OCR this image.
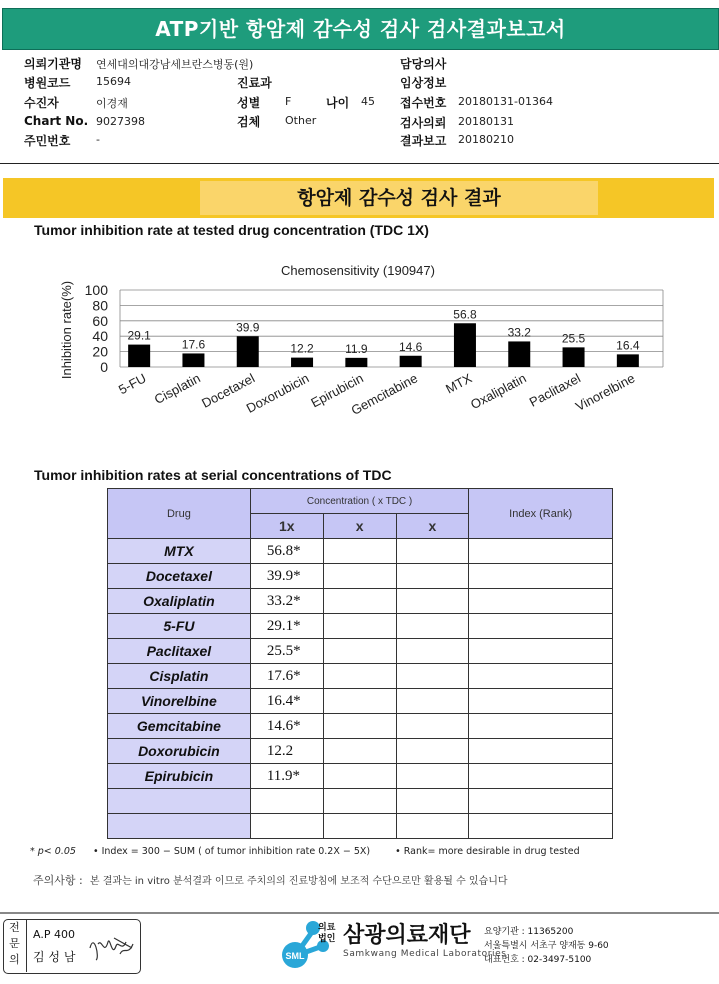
ATP기반 항암제 감수성 검사 검사결과보고서
의뢰기관명 연세대의대강남세브란스병동(원)
병원코드 15694
수진자	이경재
Chart No. 9027398
주민번호 -
진료과
성별 F	나이 45
검체 Other
담당의사
임상정보
접수번호 20180131-01364
검사의뢰 20180131
결과보고 20180210
항암제 감수성 검사 결과
Tumor inhibition rate at tested drug concentration (TDC 1X)
Chemosensitivity (190947)
Inhibition rate(%) 0
20
40
60
80
100
29.1
17.6
39.9
12.2	11.9	14.6
56.8
33.2	25.5
16.4
5-FU Cisplatin
Docetaxel
Doxorubicin
Epirubicin
Gemcitabine MTX
Oxaliplatin
Paclitaxel
Vinorelbine
Tumor inhibition rates at serial concentrations of TDC
Drug	Concentration ( x TDC )			Index (Rank)
	1x	x	x	
MTX	56.8*			
Docetaxel	39.9*			
Oxaliplatin	33.2*			
5-FU	29.1*			
Paclitaxel	25.5*			
Cisplatin	17.6*			
Vinorelbine	16.4*			
Gemcitabine	14.6*			
Doxorubicin	12.2			
Epirubicin	11.9*			

* p< 0.05 • Index = 300 − SUM ( of tumor inhibition rate 0.2X − 5X)	• Rank= more desirable in drug tested
주의사항 : 본 결과는 in vitro 분석결과 이므로 주치의의 진료방침에 보조적 수단으로만 활용될 수 있습니다
전문의
A.P 400
김 성 남	SML
의료법인 삼광의료재단
Samkwang Medical Laboratories
요양기관 : 11365200
서울특별시 서초구 양재동 9-60
대표번호 : 02-3497-5100
